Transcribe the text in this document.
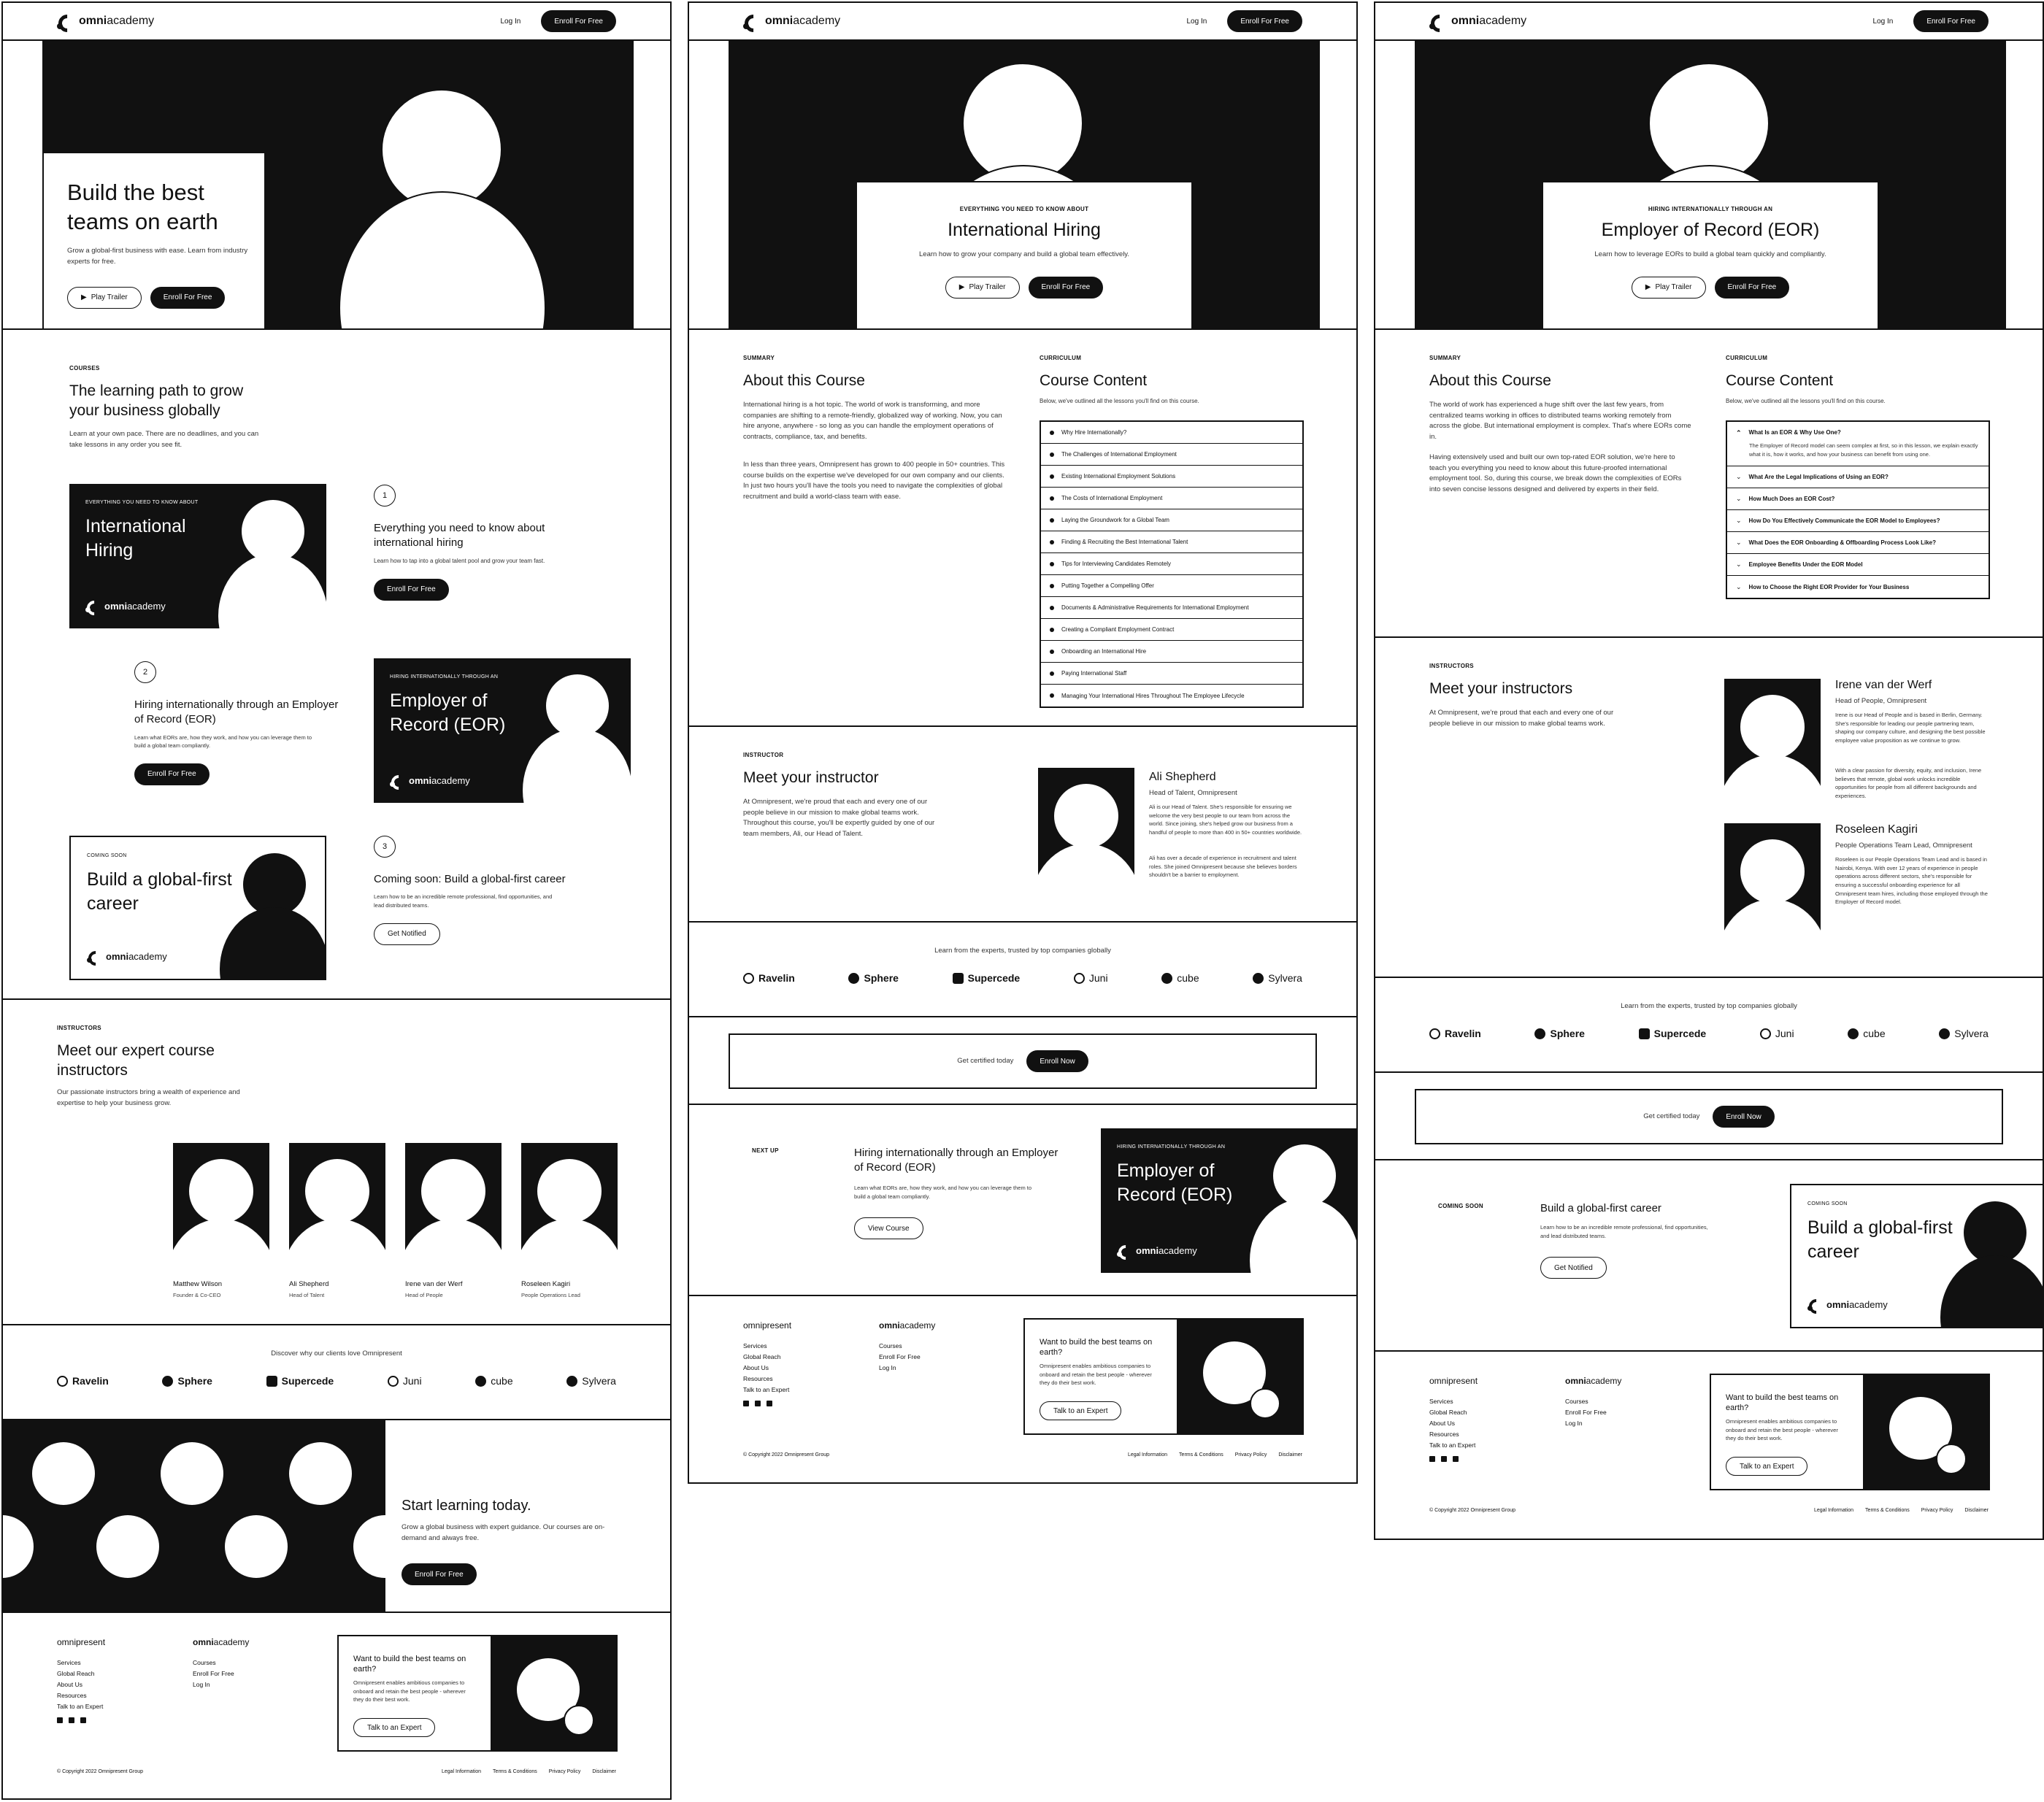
omniacademy	Log In	Enroll For Free
Build the best teams on earth
Grow a global-first business with ease. Learn from industry experts for free.
▶ Play Trailer	Enroll For Free
COURSES
The learning path to grow your business globally
Learn at your own pace. There are no deadlines, and you can take lessons in any order you see fit.
EVERYTHING YOU NEED TO KNOW ABOUT
International Hiring
omniacademy
1
Everything you need to know about international hiring
Learn how to tap into a global talent pool and grow your team fast.
Enroll For Free
2
Hiring internationally through an Employer of Record (EOR)
Learn what EORs are, how they work, and how you can leverage them to build a global team compliantly.
Enroll For Free
HIRING INTERNATIONALLY THROUGH AN
Employer of Record (EOR)
omniacademy
COMING SOON
Build a global-first career
omniacademy
3
Coming soon: Build a global-first career
Learn how to be an incredible remote professional, find opportunities, and lead distributed teams.
Get Notified
INSTRUCTORS
Meet our expert course instructors
Our passionate instructors bring a wealth of experience and expertise to help your business grow.
Matthew Wilson
Founder & Co-CEO
Ali Shepherd
Head of Talent
Irene van der Werf
Head of People
Roseleen Kagiri
People Operations Lead
Discover why our clients love Omnipresent
Ravelin	Sphere	Supercede	Juni	cube	Sylvera
Start learning today.
Grow a global business with expert guidance. Our courses are on-demand and always free.
Enroll For Free
omnipresent
Services
Global Reach
About Us
Resources
Talk to an Expert
omniacademy
Courses
Enroll For Free
Log In
Want to build the best teams on earth?
Omnipresent enables ambitious companies to onboard and retain the best people - wherever they do their best work.
Talk to an Expert
© Copyright 2022 Omnipresent Group	Legal Information Terms & Conditions Privacy Policy Disclaimer
omniacademy	Log In	Enroll For Free
EVERYTHING YOU NEED TO KNOW ABOUT
International Hiring
Learn how to grow your company and build a global team effectively.
▶ Play Trailer	Enroll For Free
SUMMARY
About this Course
International hiring is a hot topic. The world of work is transforming, and more companies are shifting to a remote-friendly, globalized way of working. Now, you can hire anyone, anywhere - so long as you can handle the employment operations of contracts, compliance, tax, and benefits.
In less than three years, Omnipresent has grown to 400 people in 50+ countries. This course builds on the expertise we've developed for our own company and our clients. In just two hours you'll have the tools you need to navigate the complexities of global recruitment and build a world-class team with ease.
CURRICULUM
Course Content
Below, we've outlined all the lessons you'll find on this course.
Why Hire Internationally?
The Challenges of International Employment
Existing International Employment Solutions
The Costs of International Employment
Laying the Groundwork for a Global Team
Finding & Recruiting the Best International Talent
Tips for Interviewing Candidates Remotely
Putting Together a Compelling Offer
Documents & Administrative Requirements for International Employment
Creating a Compliant Employment Contract
Onboarding an International Hire
Paying International Staff
Managing Your International Hires Throughout The Employee Lifecycle
INSTRUCTOR
Meet your instructor
At Omnipresent, we're proud that each and every one of our people believe in our mission to make global teams work. Throughout this course, you'll be expertly guided by one of our team members, Ali, our Head of Talent.
Ali Shepherd
Head of Talent, Omnipresent
Ali is our Head of Talent. She's responsible for ensuring we welcome the very best people to our team from across the world. Since joining, she's helped grow our business from a handful of people to more than 400 in 50+ countries worldwide.
Ali has over a decade of experience in recruitment and talent roles. She joined Omnipresent because she believes borders shouldn't be a barrier to employment.
Learn from the experts, trusted by top companies globally
Ravelin	Sphere	Supercede	Juni	cube	Sylvera
Get certified today	Enroll Now
NEXT UP	Hiring internationally through an Employer of Record (EOR)
Learn what EORs are, how they work, and how you can leverage them to build a global team compliantly.
View Course
HIRING INTERNATIONALLY THROUGH AN
Employer of Record (EOR)
omniacademy
omnipresent
Services
Global Reach
About Us
Resources
Talk to an Expert
omniacademy
Courses
Enroll For Free
Log In
Want to build the best teams on earth?
Omnipresent enables ambitious companies to onboard and retain the best people - wherever they do their best work.
Talk to an Expert
© Copyright 2022 Omnipresent Group	Legal Information Terms & Conditions Privacy Policy Disclaimer
omniacademy	Log In	Enroll For Free
HIRING INTERNATIONALLY THROUGH AN
Employer of Record (EOR)
Learn how to leverage EORs to build a global team quickly and compliantly.
▶ Play Trailer	Enroll For Free
SUMMARY
About this Course
The world of work has experienced a huge shift over the last few years, from centralized teams working in offices to distributed teams working remotely from across the globe. But international employment is complex. That's where EORs come in.
Having extensively used and built our own top-rated EOR solution, we're here to teach you everything you need to know about this future-proofed international employment tool. So, during this course, we break down the complexities of EORs into seven concise lessons designed and delivered by experts in their field.
CURRICULUM
Course Content
Below, we've outlined all the lessons you'll find on this course.
⌃ What Is an EOR & Why Use One?
The Employer of Record model can seem complex at first, so in this lesson, we explain exactly what it is, how it works, and how your business can benefit from using one.
⌄ What Are the Legal Implications of Using an EOR?
⌄ How Much Does an EOR Cost?
⌄ How Do You Effectively Communicate the EOR Model to Employees?
⌄ What Does the EOR Onboarding & Offboarding Process Look Like?
⌄ Employee Benefits Under the EOR Model
⌄ How to Choose the Right EOR Provider for Your Business
INSTRUCTORS
Meet your instructors
At Omnipresent, we're proud that each and every one of our people believe in our mission to make global teams work.
Irene van der Werf
Head of People, Omnipresent
Irene is our Head of People and is based in Berlin, Germany. She's responsible for leading our people partnering team, shaping our company culture, and designing the best possible employee value proposition as we continue to grow.
With a clear passion for diversity, equity, and inclusion, Irene believes that remote, global work unlocks incredible opportunities for people from all different backgrounds and experiences.
Roseleen Kagiri
People Operations Team Lead, Omnipresent
Roseleen is our People Operations Team Lead and is based in Nairobi, Kenya. With over 12 years of experience in people operations across different sectors, she's responsible for ensuring a successful onboarding experience for all Omnipresent team hires, including those employed through the Employer of Record model.
Learn from the experts, trusted by top companies globally
Ravelin	Sphere	Supercede	Juni	cube	Sylvera
Get certified today	Enroll Now
COMING SOON	Build a global-first career
Learn how to be an incredible remote professional, find opportunities, and lead distributed teams.
Get Notified
COMING SOON
Build a global-first career
omniacademy
omnipresent
Services
Global Reach
About Us
Resources
Talk to an Expert
omniacademy
Courses
Enroll For Free
Log In
Want to build the best teams on earth?
Omnipresent enables ambitious companies to onboard and retain the best people - wherever they do their best work.
Talk to an Expert
© Copyright 2022 Omnipresent Group	Legal Information Terms & Conditions Privacy Policy Disclaimer
